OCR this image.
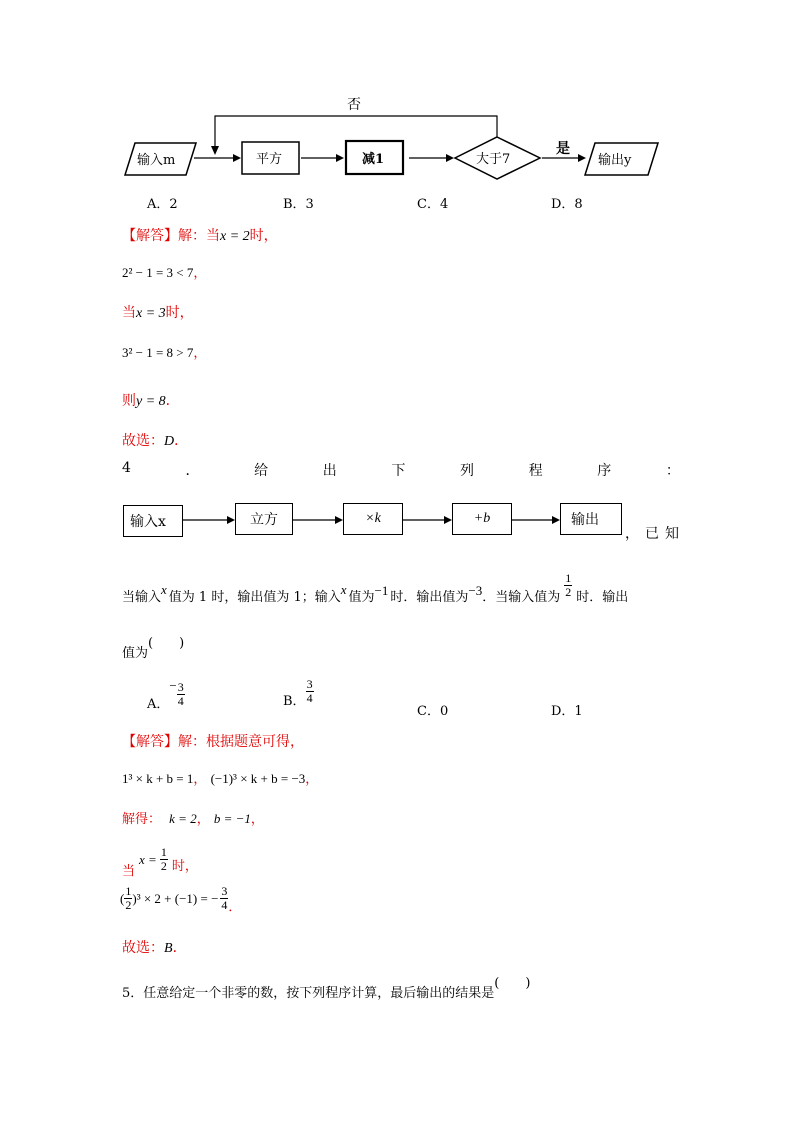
否
输入m	平方	减1	大于7
是
输出y
A．2	B．3	C．4	D．8
【解答】解：当x = 2时，
2² − 1 = 3 < 7，
当x = 3时，
3² − 1 = 8 > 7，
则y = 8．
故选：D．
4	．	给	出	下	列	程	序	：
输入x	立方	×k	+b	输出
，已知
当输入
x
值为 1 时，输出值为 1；输入
x
值为 −1 时．输出值为 −3 ．当输入值为 $\frac{1}{2}$ 时．输出
值为(　　)
A．
− $\frac{3}{4}$	B． $\frac{3}{4}$
C．0	D．1
【解答】解：根据题意可得，
1³ × k + b = 1， (−1)³ × k + b = −3，
解得： k = 2， b = −1，
当
$x = \frac{1}{2}$ 时，
( $\frac{1}{2}$ ) ³ × 2 + (−1) = − $\frac{3}{4}$ ．
故选：B．
5．任意给定一个非零的数，按下列程序计算，最后输出的结果是(　　)
